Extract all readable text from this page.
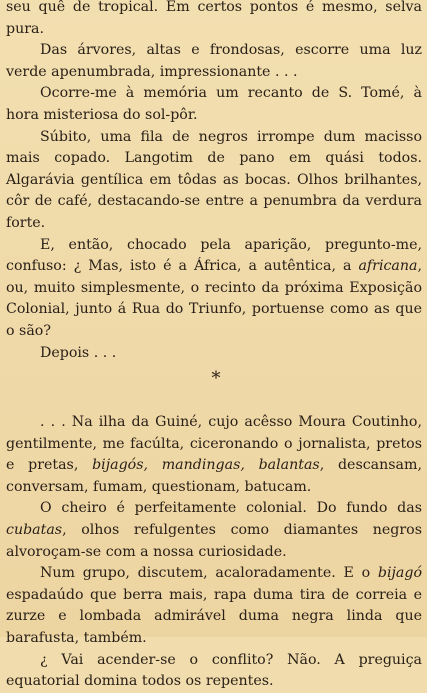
seu quê de tropical. Em certos pontos é mesmo, selva pura.

Das árvores, altas e frondosas, escorre uma luz verde apenumbrada, impressionante . . .

Ocorre-me à memória um recanto de S. Tomé, à hora misteriosa do sol-pôr.

Súbito, uma fila de negros irrompe dum macisso mais copado. Langotim de pano em quási todos. Algarávia gentílica em tôdas as bocas. Olhos brilhantes, côr de café, destacando-se entre a penumbra da verdura forte.

E, então, chocado pela aparição, pregunto-me, confuso: ¿ Mas, isto é a África, a autêntica, a africana, ou, muito simplesmente, o recinto da próxima Exposição Colonial, junto á Rua do Triunfo, portuense como as que o são?

Depois . . .

*

. . . Na ilha da Guiné, cujo acêsso Moura Coutinho, gentilmente, me facúlta, ciceronando o jornalista, pretos e pretas, bijagós, mandingas, balantas, descansam, conversam, fumam, questionam, batucam.

O cheiro é perfeitamente colonial. Do fundo das cubatas, olhos refulgentes como diamantes negros alvoroçam-se com a nossa curiosidade.

Num grupo, discutem, acaloradamente. E o bijagó espadaúdo que berra mais, rapa duma tira de correia e zurze e lombada admirável duma negra linda que barafusta, também.

¿ Vai acender-se o conflito? Não. A preguiça equatorial domina todos os repentes.
